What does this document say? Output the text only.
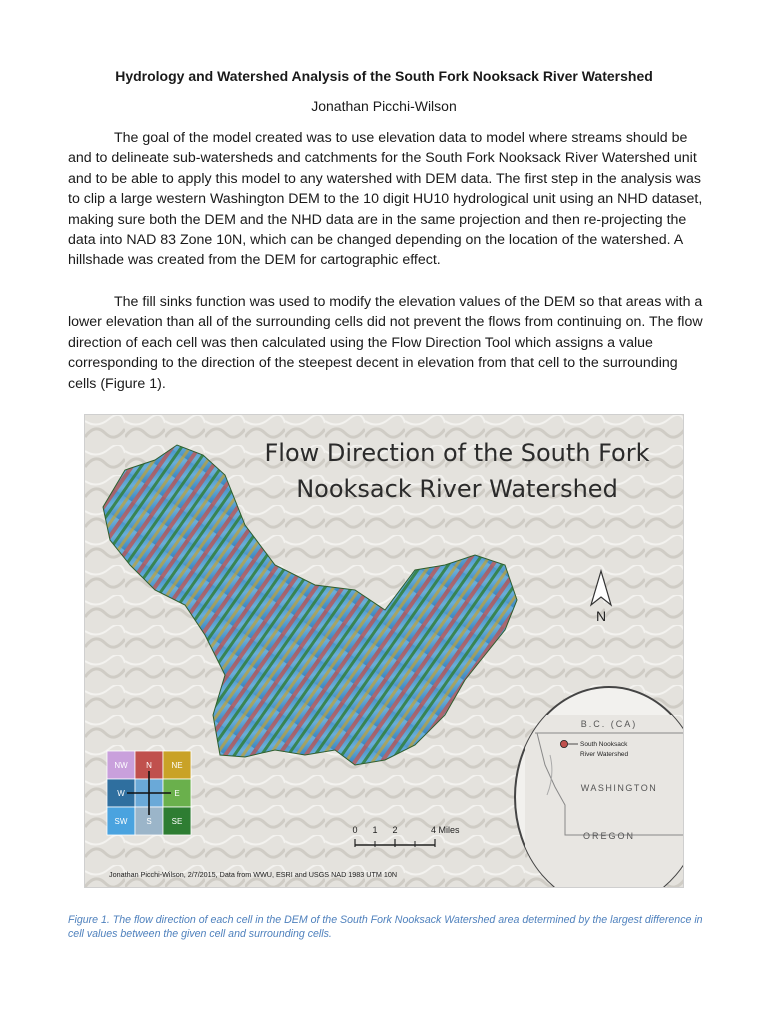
Hydrology and Watershed Analysis of the South Fork Nooksack River Watershed
Jonathan Picchi-Wilson

The goal of the model created was to use elevation data to model where streams should be and to delineate sub-watersheds and catchments for the South Fork Nooksack River Watershed unit and to be able to apply this model to any watershed with DEM data. The first step in the analysis was to clip a large western Washington DEM to the 10 digit HU10 hydrological unit using an NHD dataset, making sure both the DEM and the NHD data are in the same projection and then re-projecting the data into NAD 83 Zone 10N, which can be changed depending on the location of the watershed. A hillshade was created from the DEM for cartographic effect.

The fill sinks function was used to modify the elevation values of the DEM so that areas with a lower elevation than all of the surrounding cells did not prevent the flows from continuing on. The flow direction of each cell was then calculated using the Flow Direction Tool which assigns a value corresponding to the direction of the steepest decent in elevation from that cell to the surrounding cells (Figure 1).

Flow Direction of the South Fork
Nooksack River Watershed
N
NW N NE
W	E
SW S SE
0 1 2	4 Miles
B.C. (CA)
WASHINGTON
OREGON
South Nooksack
River Watershed
Jonathan Picchi-Wilson, 2/7/2015, Data from WWU, ESRI and USGS NAD 1983 UTM 10N
Figure 1. The flow direction of each cell in the DEM of the South Fork Nooksack Watershed area determined by the largest difference in cell values between the given cell and surrounding cells.
